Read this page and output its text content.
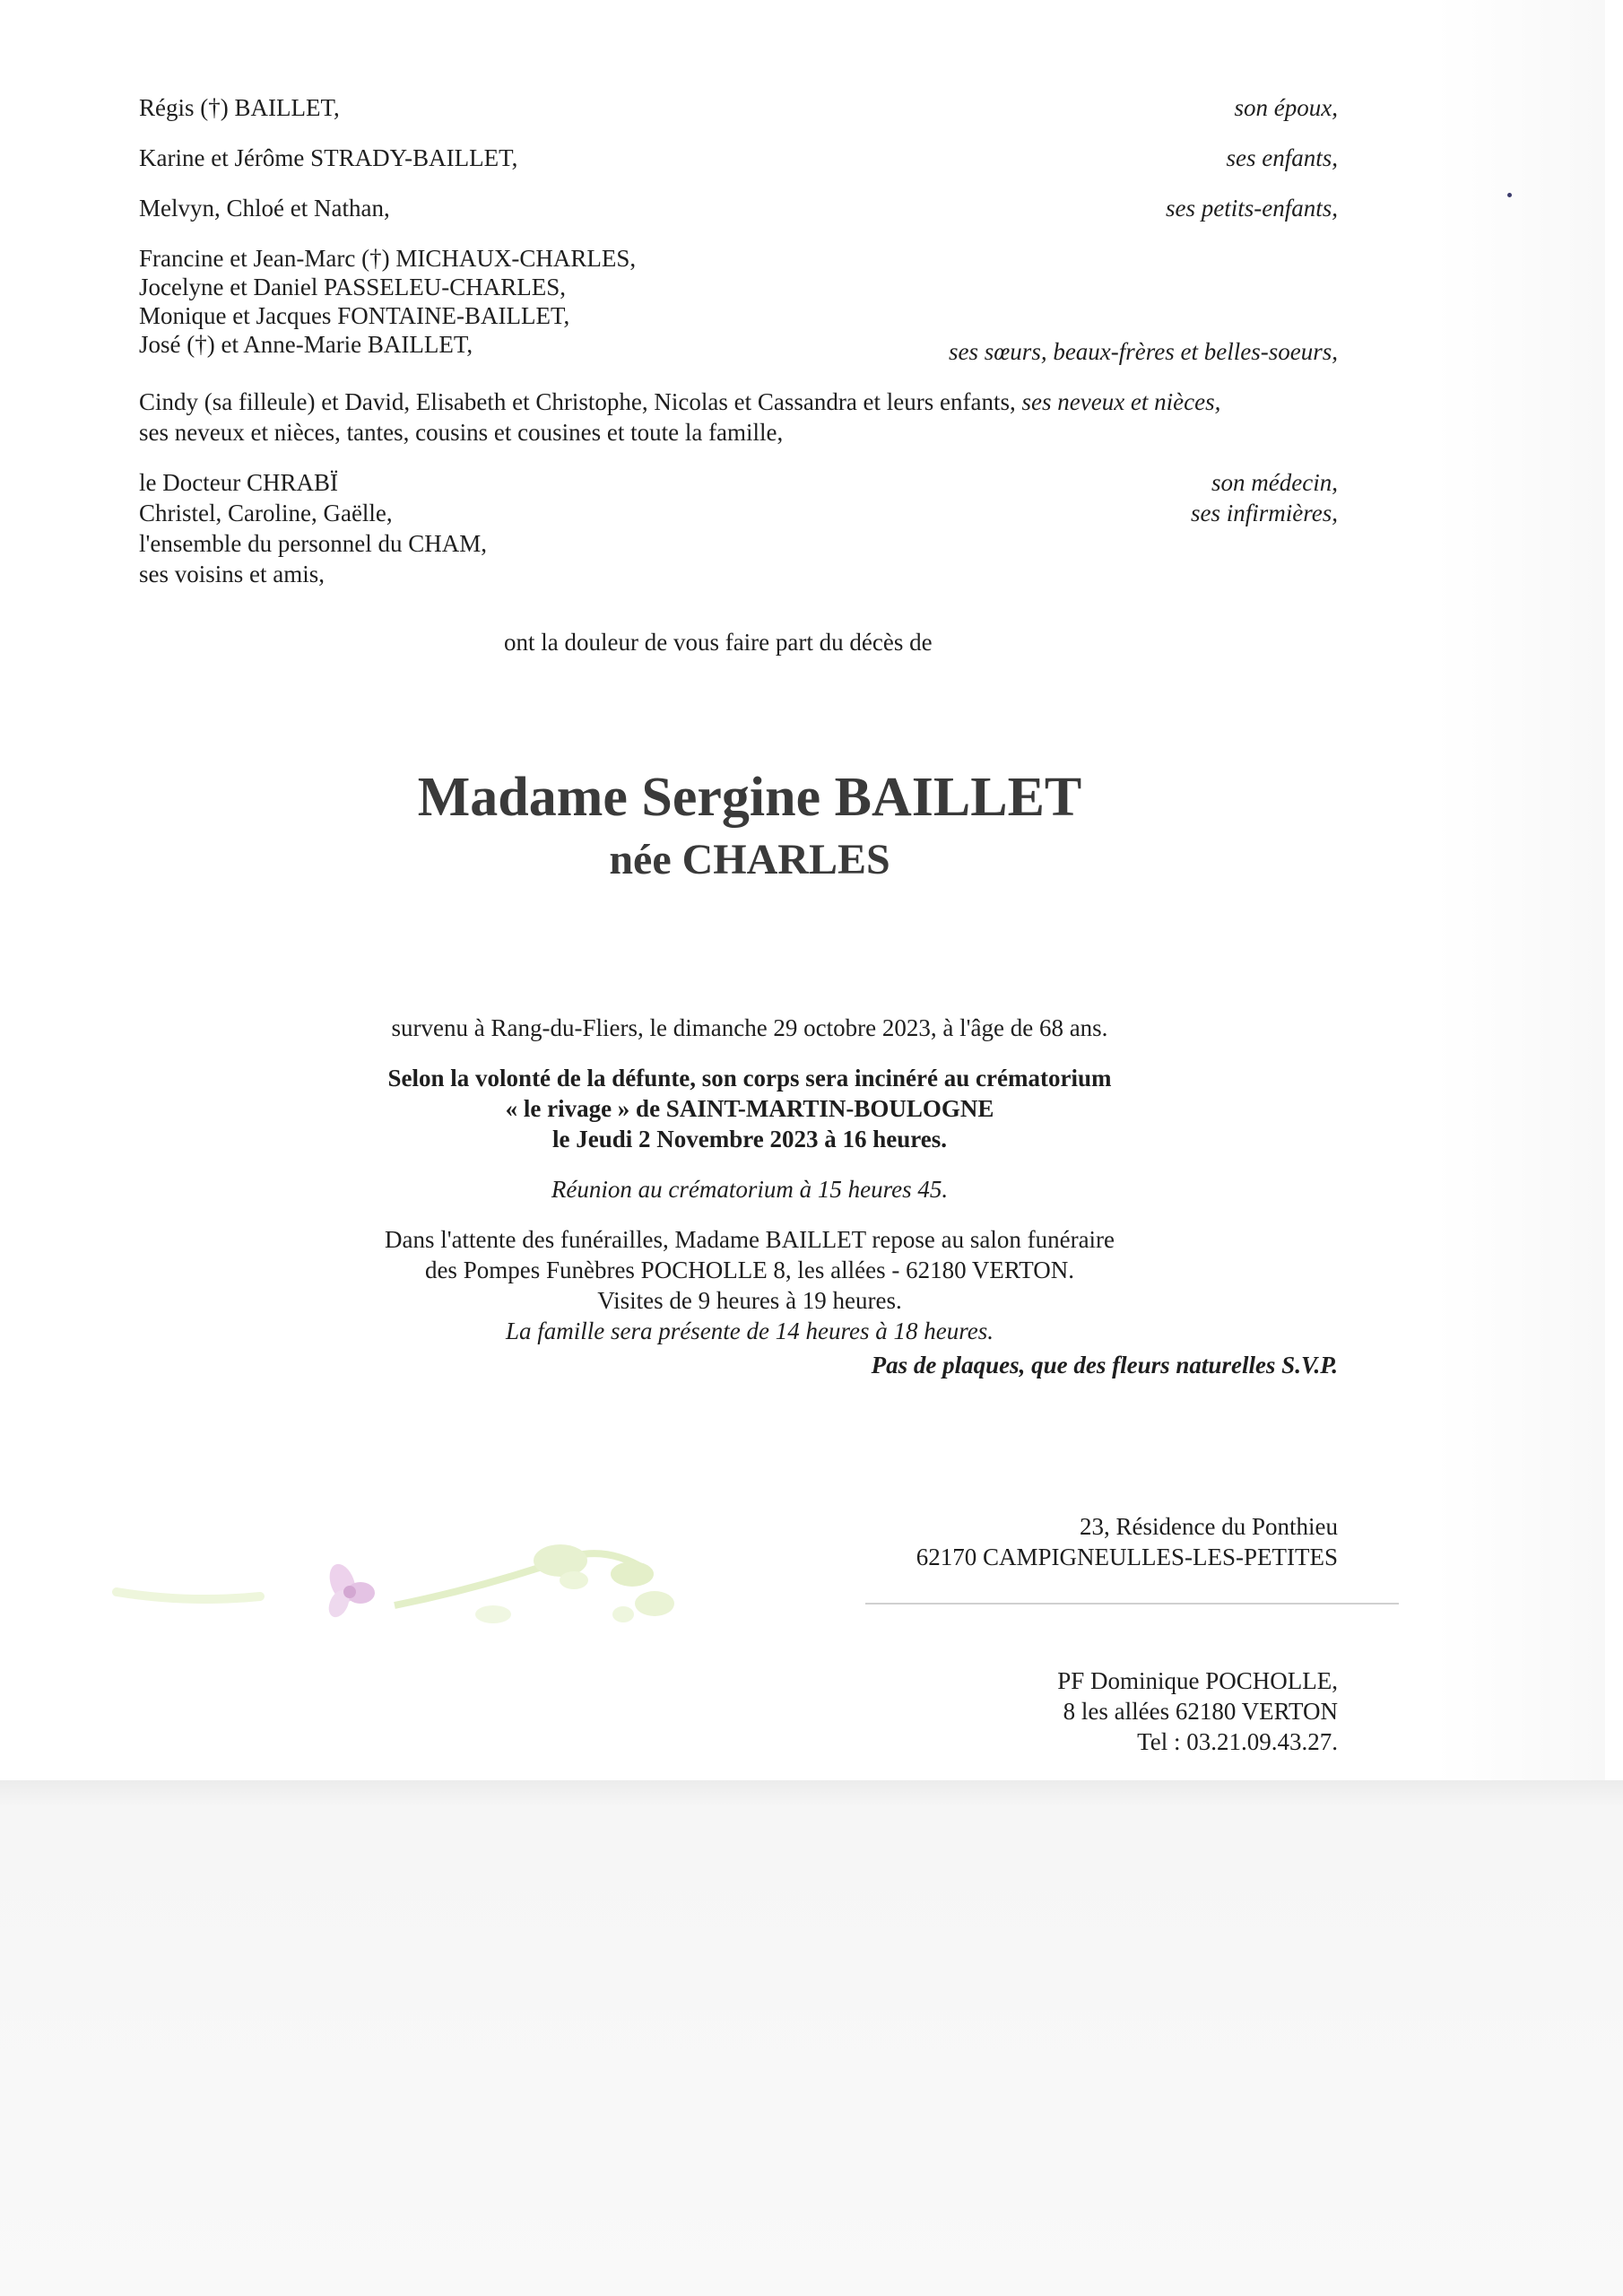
Régis (†) BAILLET,	son époux,
Karine et Jérôme STRADY-BAILLET,	ses enfants,
Melvyn, Chloé et Nathan,	ses petits-enfants,
Francine et Jean-Marc (†) MICHAUX-CHARLES,
Jocelyne et Daniel PASSELEU-CHARLES,
Monique et Jacques FONTAINE-BAILLET,
José (†) et Anne-Marie BAILLET,	ses sœurs, beaux-frères et belles-soeurs,
Cindy (sa filleule) et David, Elisabeth et Christophe, Nicolas et Cassandra et leurs enfants, ses neveux et nièces,
ses neveux et nièces, tantes, cousins et cousines et toute la famille,
le Docteur CHRABÏ	son médecin,
Christel, Caroline, Gaëlle,	ses infirmières,
l'ensemble du personnel du CHAM,
ses voisins et amis,
ont la douleur de vous faire part du décès de
Madame Sergine BAILLET
née CHARLES
survenu à Rang-du-Fliers, le dimanche 29 octobre 2023, à l'âge de 68 ans.
Selon la volonté de la défunte, son corps sera incinéré au crématorium
« le rivage » de SAINT-MARTIN-BOULOGNE
le Jeudi 2 Novembre 2023 à 16 heures.
Réunion au crématorium à 15 heures 45.
Dans l'attente des funérailles, Madame BAILLET repose au salon funéraire
des Pompes Funèbres POCHOLLE 8, les allées - 62180 VERTON.
Visites de 9 heures à 19 heures.
La famille sera présente de 14 heures à 18 heures.
Pas de plaques, que des fleurs naturelles S.V.P.
23, Résidence du Ponthieu
62170 CAMPIGNEULLES-LES-PETITES
PF Dominique POCHOLLE,
8 les allées 62180 VERTON
Tel : 03.21.09.43.27.
